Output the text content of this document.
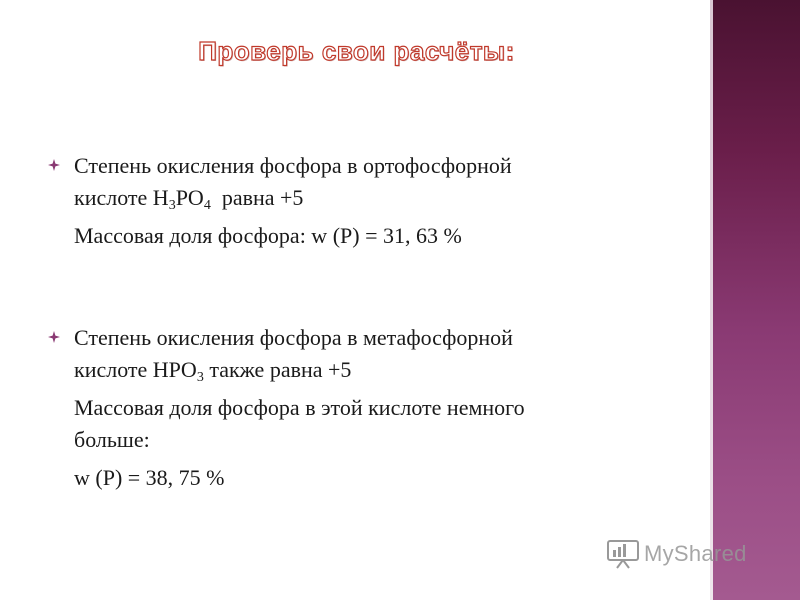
Проверь свои расчёты:
Степень окисления фосфора в ортофосфорной
кислоте $H_3PO_4$  равна +5
Массовая доля фосфора: w (P) = 31, 63 %
Степень окисления фосфора в метафосфорной
кислоте $HPO_3$ также равна +5
Массовая доля фосфора в этой кислоте немного
больше:
w (P) = 38, 75 %
MyShared
